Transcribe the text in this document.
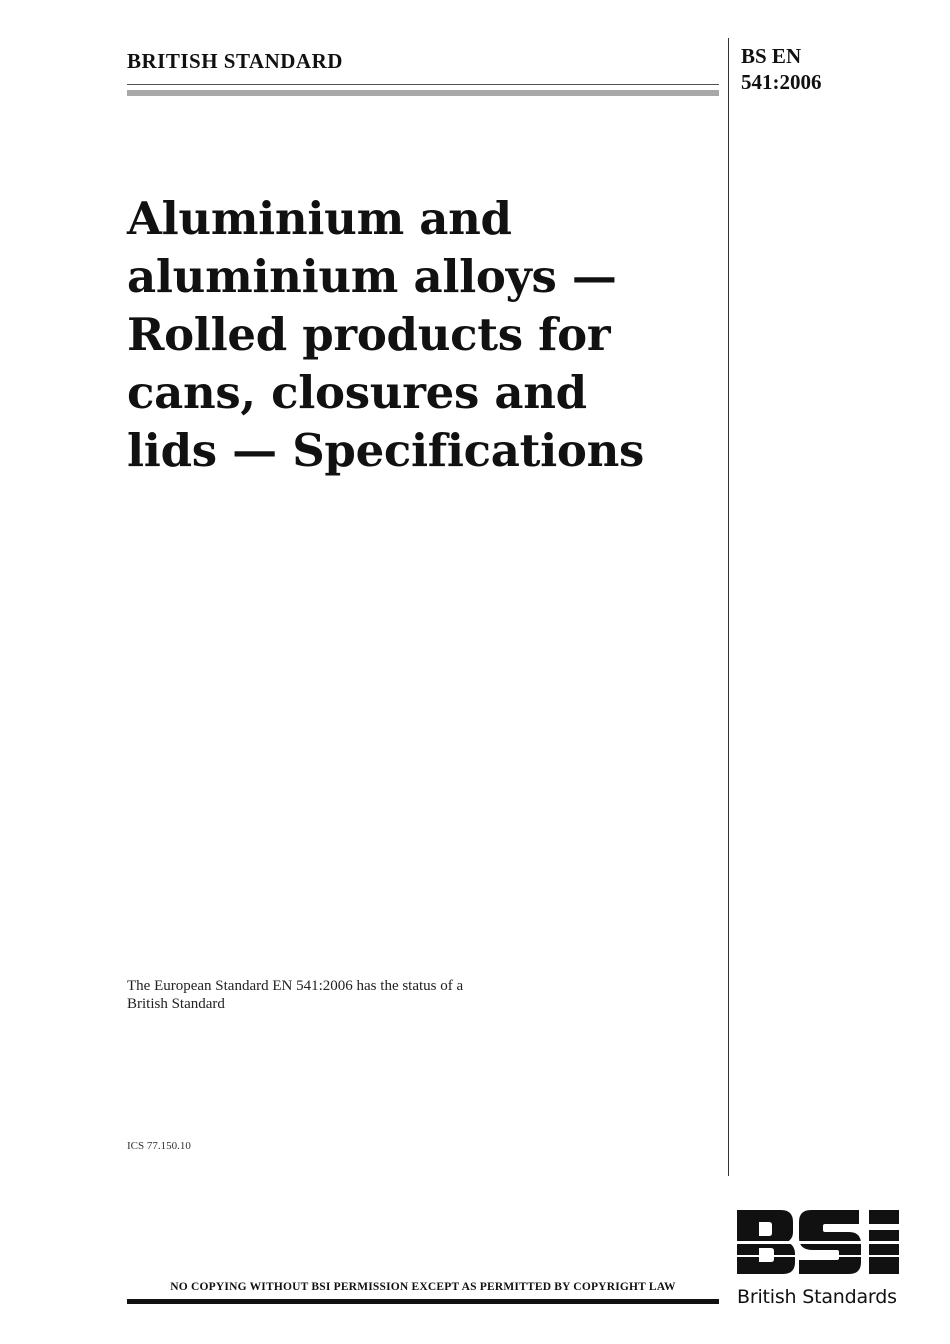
BRITISH STANDARD	BS EN
541:2006
Aluminium and
aluminium alloys —
Rolled products for
cans, closures and
lids — Specifications
The European Standard EN 541:2006 has the status of a
British Standard
ICS 77.150.10
NO COPYING WITHOUT BSI PERMISSION EXCEPT AS PERMITTED BY COPYRIGHT LAW	British Standards
